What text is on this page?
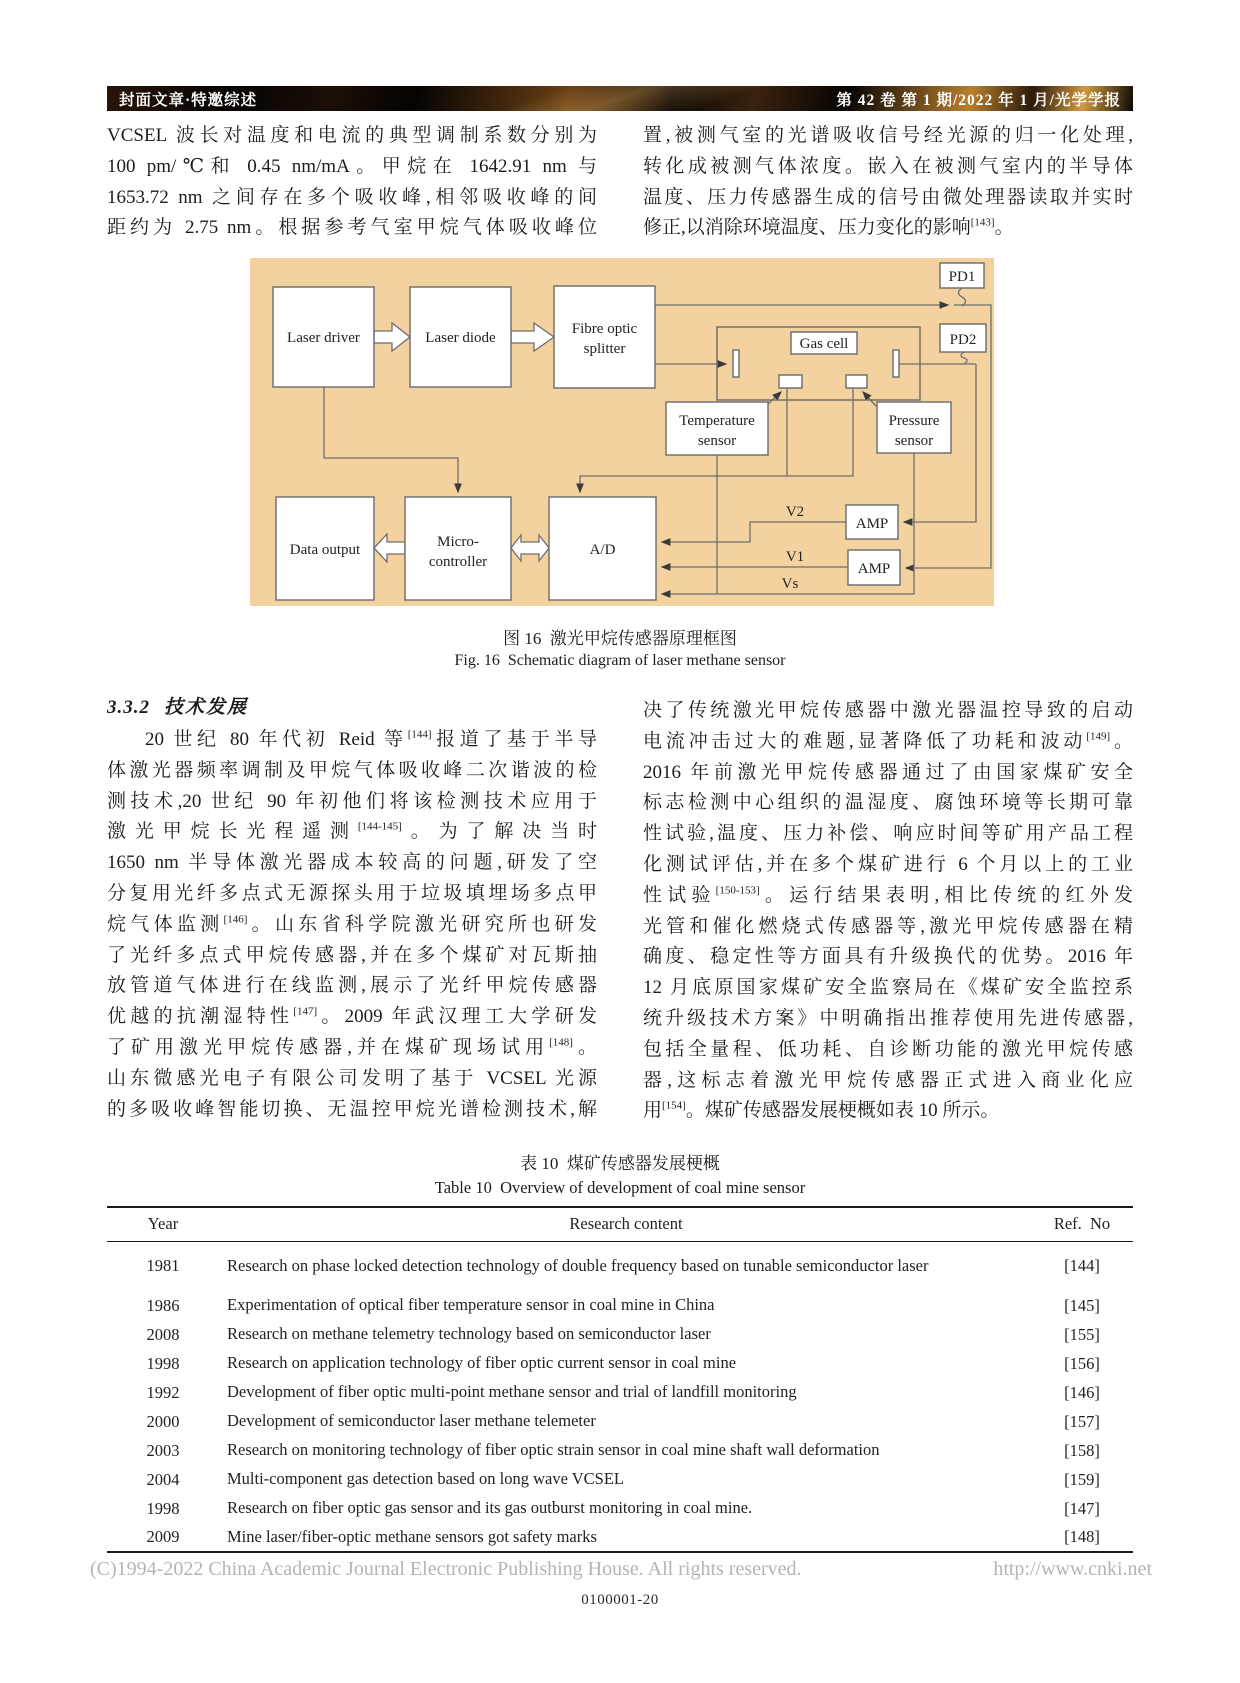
封面文章·特邀综述	第 42 卷 第 1 期/2022 年 1 月/光学学报
VCSEL 波长对温度和电流的典型调制系数分别为
100 pm/℃和 0.45 nm/mA。甲烷在 1642.91 nm 与
1653.72 nm 之间存在多个吸收峰,相邻吸收峰的间
距约为 2.75 nm。根据参考气室甲烷气体吸收峰位
置,被测气室的光谱吸收信号经光源的归一化处理,
转化成被测气体浓度。嵌入在被测气室内的半导体
温度、压力传感器生成的信号由微处理器读取并实时
修正,以消除环境温度、压力变化的影响[143]。
Laser driver	Laser diode
Fibre optic
splitter	Gas cell
PD1
PD2
Temperature
sensor
Pressure
sensor
Data output	Micro-
controller
A/D
AMP
AMP
V2
V1
Vs
图 16  激光甲烷传感器原理框图
Fig. 16  Schematic diagram of laser methane sensor
3.3.2 技术发展
20 世纪 80 年代初 Reid 等[144]报道了基于半导
体激光器频率调制及甲烷气体吸收峰二次谐波的检
测技术,20 世纪 90 年初他们将该检测技术应用于
激光甲烷长光程遥测[144-145]。为了解决当时
1650 nm 半导体激光器成本较高的问题,研发了空
分复用光纤多点式无源探头用于垃圾填埋场多点甲
烷气体监测[146]。山东省科学院激光研究所也研发
了光纤多点式甲烷传感器,并在多个煤矿对瓦斯抽
放管道气体进行在线监测,展示了光纤甲烷传感器
优越的抗潮湿特性[147]。2009 年武汉理工大学研发
了矿用激光甲烷传感器,并在煤矿现场试用[148]。
山东微感光电子有限公司发明了基于 VCSEL 光源
的多吸收峰智能切换、无温控甲烷光谱检测技术,解
决了传统激光甲烷传感器中激光器温控导致的启动
电流冲击过大的难题,显著降低了功耗和波动[149]。
2016 年前激光甲烷传感器通过了由国家煤矿安全
标志检测中心组织的温湿度、腐蚀环境等长期可靠
性试验,温度、压力补偿、响应时间等矿用产品工程
化测试评估,并在多个煤矿进行 6 个月以上的工业
性试验[150-153]。运行结果表明,相比传统的红外发
光管和催化燃烧式传感器等,激光甲烷传感器在精
确度、稳定性等方面具有升级换代的优势。2016 年
12 月底原国家煤矿安全监察局在《煤矿安全监控系
统升级技术方案》中明确指出推荐使用先进传感器,
包括全量程、低功耗、自诊断功能的激光甲烷传感
器,这标志着激光甲烷传感器正式进入商业化应
用[154]。煤矿传感器发展梗概如表 10 所示。
表 10  煤矿传感器发展梗概
Table 10  Overview of development of coal mine sensor
Year	Research content	Ref.  No
1981	Research on phase locked detection technology of double frequency based on tunable semiconductor laser	[144]
1986	Experimentation of optical fiber temperature sensor in coal mine in China	[145]
2008	Research on methane telemetry technology based on semiconductor laser	[155]
1998	Research on application technology of fiber optic current sensor in coal mine	[156]
1992	Development of fiber optic multi-point methane sensor and trial of landfill monitoring	[146]
2000	Development of semiconductor laser methane telemeter	[157]
2003	Research on monitoring technology of fiber optic strain sensor in coal mine shaft wall deformation	[158]
2004	Multi-component gas detection based on long wave VCSEL	[159]
1998	Research on fiber optic gas sensor and its gas outburst monitoring in coal mine.	[147]
2009	Mine laser/fiber-optic methane sensors got safety marks	[148]
(C)1994-2022 China Academic Journal Electronic Publishing House. All rights reserved.	http://www.cnki.net
0100001-20
